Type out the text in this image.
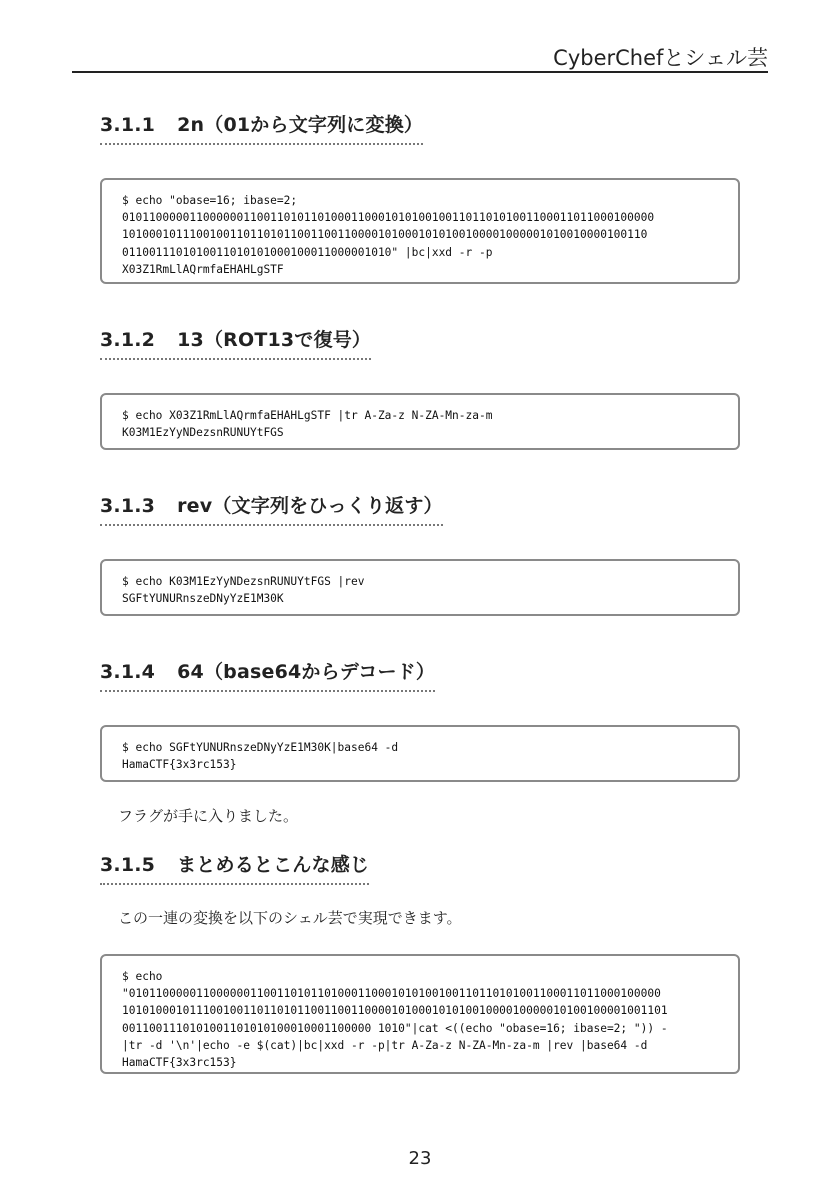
CyberChefとシェル芸
3.1.1 2n（01から文字列に変換）
$ echo "obase=16; ibase=2;
0101100000110000001100110101101000110001010100100110110101001100011011000100000
101000101110010011011010110011001100001010001010100100001000001010010000100110
0110011101010011010101000100011000001010" |bc|xxd -r -p
X03Z1RmLlAQrmfaEHAHLgSTF
3.1.2 13（ROT13で復号）
$ echo X03Z1RmLlAQrmfaEHAHLgSTF |tr A-Za-z N-ZA-Mn-za-m
K03M1EzYyNDezsnRUNUYtFGS
3.1.3 rev（文字列をひっくり返す）
$ echo K03M1EzYyNDezsnRUNUYtFGS |rev
SGFtYUNURnszeDNyYzE1M30K
3.1.4 64（base64からデコード）
$ echo SGFtYUNURnszeDNyYzE1M30K|base64 -d
HamaCTF{3x3rc153}
フラグが手に入りました。
3.1.5 まとめるとこんな感じ
この一連の変換を以下のシェル芸で実現できます。
$ echo
"0101100000110000001100110101101000110001010100100110110101001100011011000100000
101010001011100100110110101100110011000010100010101001000010000010100100001001101
0011001110101001101010100010001100000 1010"|cat <((echo "obase=16; ibase=2; ")) -
|tr -d '\n'|echo -e $(cat)|bc|xxd -r -p|tr A-Za-z N-ZA-Mn-za-m |rev |base64 -d
HamaCTF{3x3rc153}
23
